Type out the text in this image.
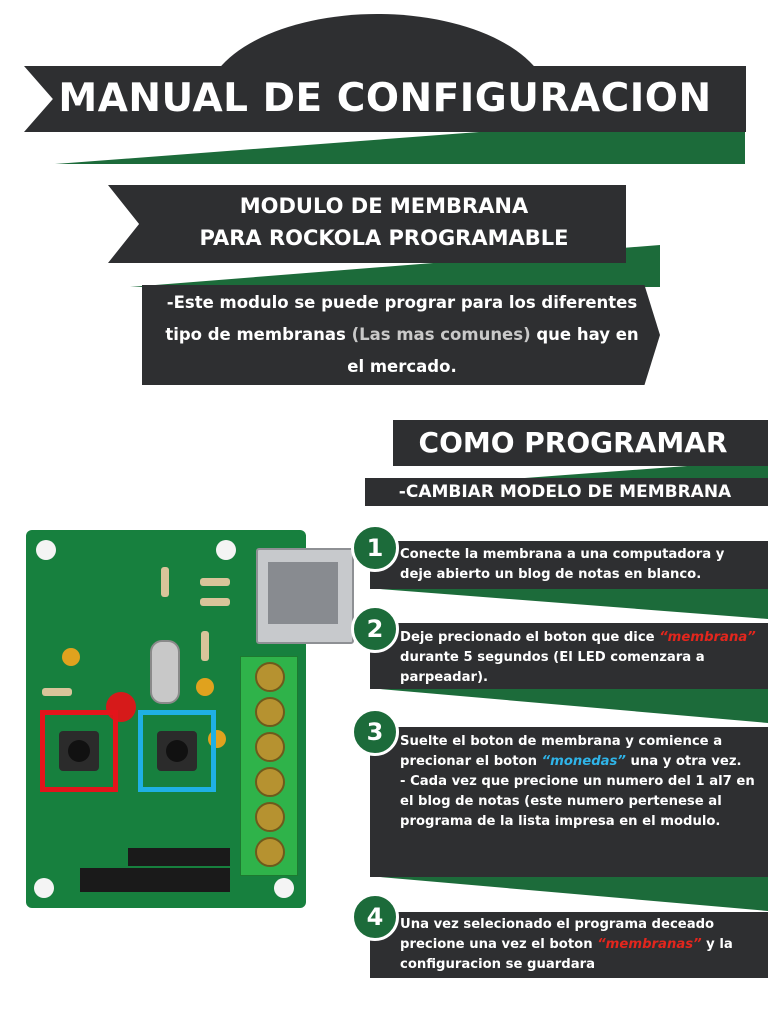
MANUAL DE CONFIGURACION
MODULO DE MEMBRANA
PARA ROCKOLA PROGRAMABLE
-Este modulo se puede prograr para los diferentes tipo de membranas (Las mas comunes) que hay en el mercado.
COMO PROGRAMAR
-CAMBIAR MODELO DE MEMBRANA
1
2
3
4
Conecte la membrana a una computadora y deje abierto un blog de notas en blanco.
Deje precionado el boton que dice “membrana” durante 5 segundos (El LED comenzara a parpeadar).
Suelte el boton de membrana y comience a precionar el boton “monedas” una y otra vez.
- Cada vez que precione un numero del 1 al7 en el blog de notas (este numero pertenese al programa de la lista impresa en el modulo.
Una vez selecionado el programa deceado precione una vez el boton “membranas” y la configuracion se guardara
